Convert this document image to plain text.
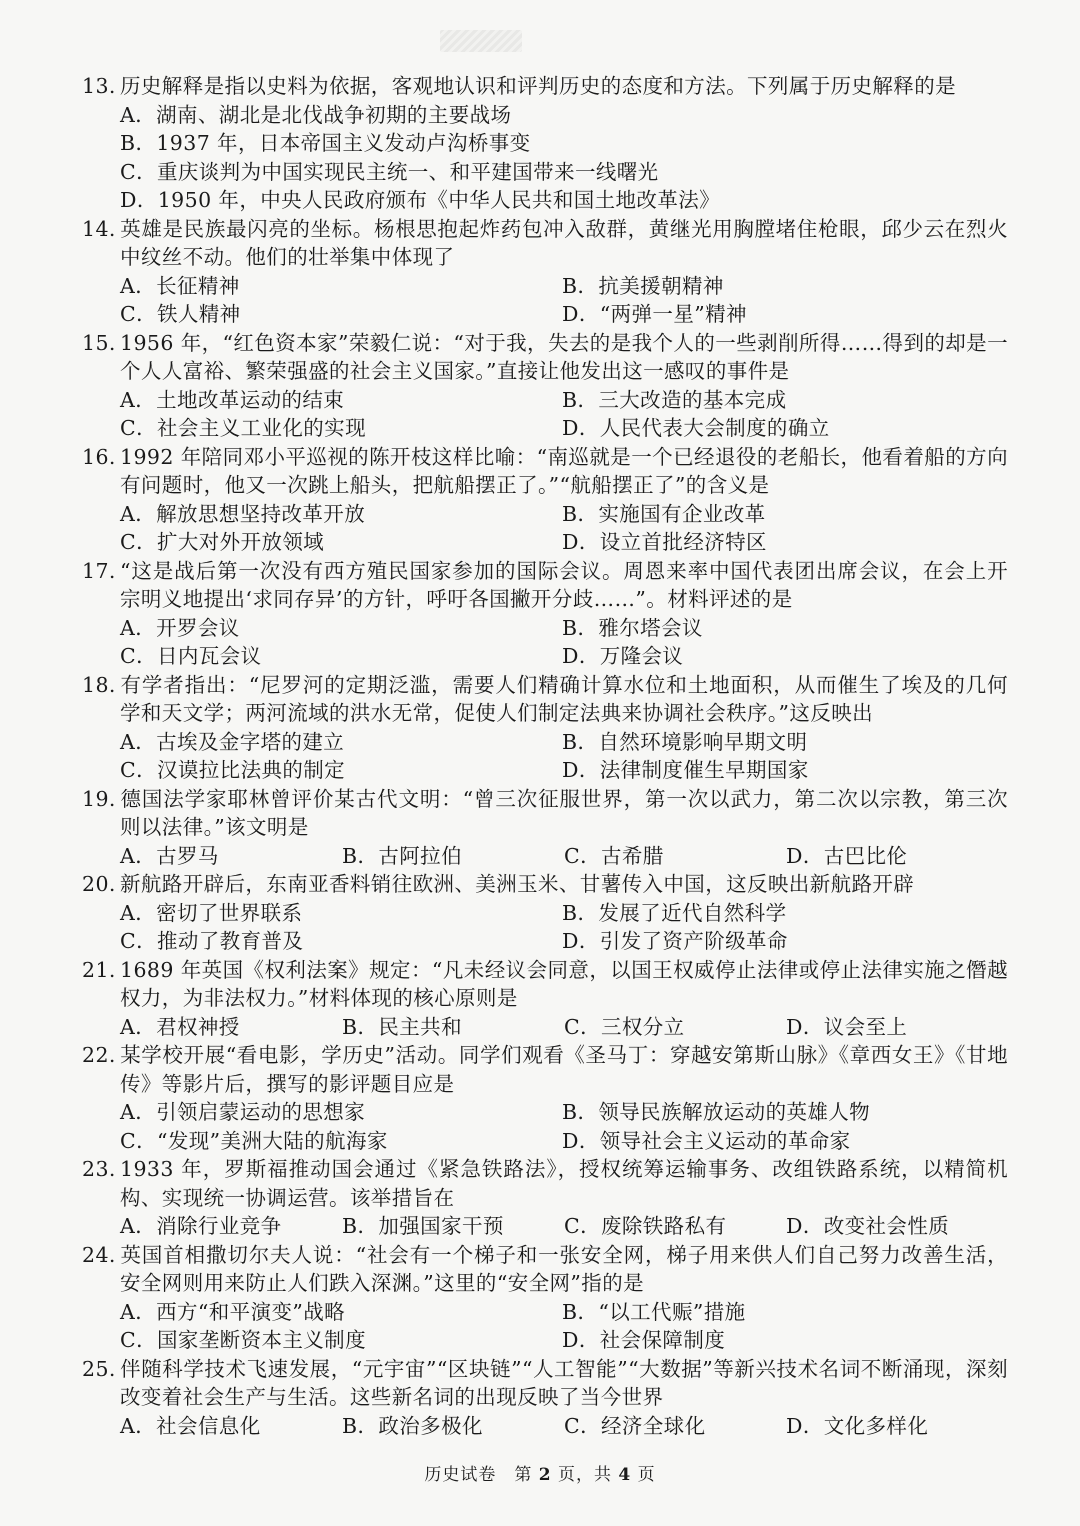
13. 历史解释是指以史料为依据，客观地认识和评判历史的态度和方法。下列属于历史解释的是
A．湖南、湖北是北伐战争初期的主要战场
B．1937 年，日本帝国主义发动卢沟桥事变
C．重庆谈判为中国实现民主统一、和平建国带来一线曙光
D．1950 年，中央人民政府颁布《中华人民共和国土地改革法》
14. 英雄是民族最闪亮的坐标。杨根思抱起炸药包冲入敌群，黄继光用胸膛堵住枪眼，邱少云在烈火中纹丝不动。他们的壮举集中体现了
A．长征精神	B．抗美援朝精神
C．铁人精神	D．“两弹一星”精神
15. 1956 年，“红色资本家”荣毅仁说：“对于我，失去的是我个人的一些剥削所得……得到的却是一个人人富裕、繁荣强盛的社会主义国家。”直接让他发出这一感叹的事件是
A．土地改革运动的结束	B．三大改造的基本完成
C．社会主义工业化的实现	D．人民代表大会制度的确立
16. 1992 年陪同邓小平巡视的陈开枝这样比喻：“南巡就是一个已经退役的老船长，他看着船的方向有问题时，他又一次跳上船头，把航船摆正了。”“航船摆正了”的含义是
A．解放思想坚持改革开放	B．实施国有企业改革
C．扩大对外开放领域	D．设立首批经济特区
17. “这是战后第一次没有西方殖民国家参加的国际会议。周恩来率中国代表团出席会议，在会上开宗明义地提出‘求同存异’的方针，呼吁各国撇开分歧……”。材料评述的是
A．开罗会议	B．雅尔塔会议
C．日内瓦会议	D．万隆会议
18. 有学者指出：“尼罗河的定期泛滥，需要人们精确计算水位和土地面积，从而催生了埃及的几何学和天文学；两河流域的洪水无常，促使人们制定法典来协调社会秩序。”这反映出
A．古埃及金字塔的建立	B．自然环境影响早期文明
C．汉谟拉比法典的制定	D．法律制度催生早期国家
19. 德国法学家耶林曾评价某古代文明：“曾三次征服世界，第一次以武力，第二次以宗教，第三次则以法律。”该文明是
A．古罗马	B．古阿拉伯	C．古希腊	D．古巴比伦
20. 新航路开辟后，东南亚香料销往欧洲、美洲玉米、甘薯传入中国，这反映出新航路开辟
A．密切了世界联系	B．发展了近代自然科学
C．推动了教育普及	D．引发了资产阶级革命
21. 1689 年英国《权利法案》规定：“凡未经议会同意，以国王权威停止法律或停止法律实施之僭越权力，为非法权力。”材料体现的核心原则是
A．君权神授	B．民主共和	C．三权分立	D．议会至上
22. 某学校开展“看电影，学历史”活动。同学们观看《圣马丁：穿越安第斯山脉》《章西女王》《甘地传》等影片后，撰写的影评题目应是
A．引领启蒙运动的思想家	B．领导民族解放运动的英雄人物
C．“发现”美洲大陆的航海家	D．领导社会主义运动的革命家
23. 1933 年，罗斯福推动国会通过《紧急铁路法》，授权统筹运输事务、改组铁路系统，以精简机构、实现统一协调运营。该举措旨在
A．消除行业竞争	B．加强国家干预	C．废除铁路私有	D．改变社会性质
24. 英国首相撒切尔夫人说：“社会有一个梯子和一张安全网，梯子用来供人们自己努力改善生活，安全网则用来防止人们跌入深渊。”这里的“安全网”指的是
A．西方“和平演变”战略	B．“以工代赈”措施
C．国家垄断资本主义制度	D．社会保障制度
25. 伴随科学技术飞速发展，“元宇宙”“区块链”“人工智能”“大数据”等新兴技术名词不断涌现，深刻改变着社会生产与生活。这些新名词的出现反映了当今世界
A．社会信息化	B．政治多极化	C．经济全球化	D．文化多样化
历史试卷　第 2 页，共 4 页
